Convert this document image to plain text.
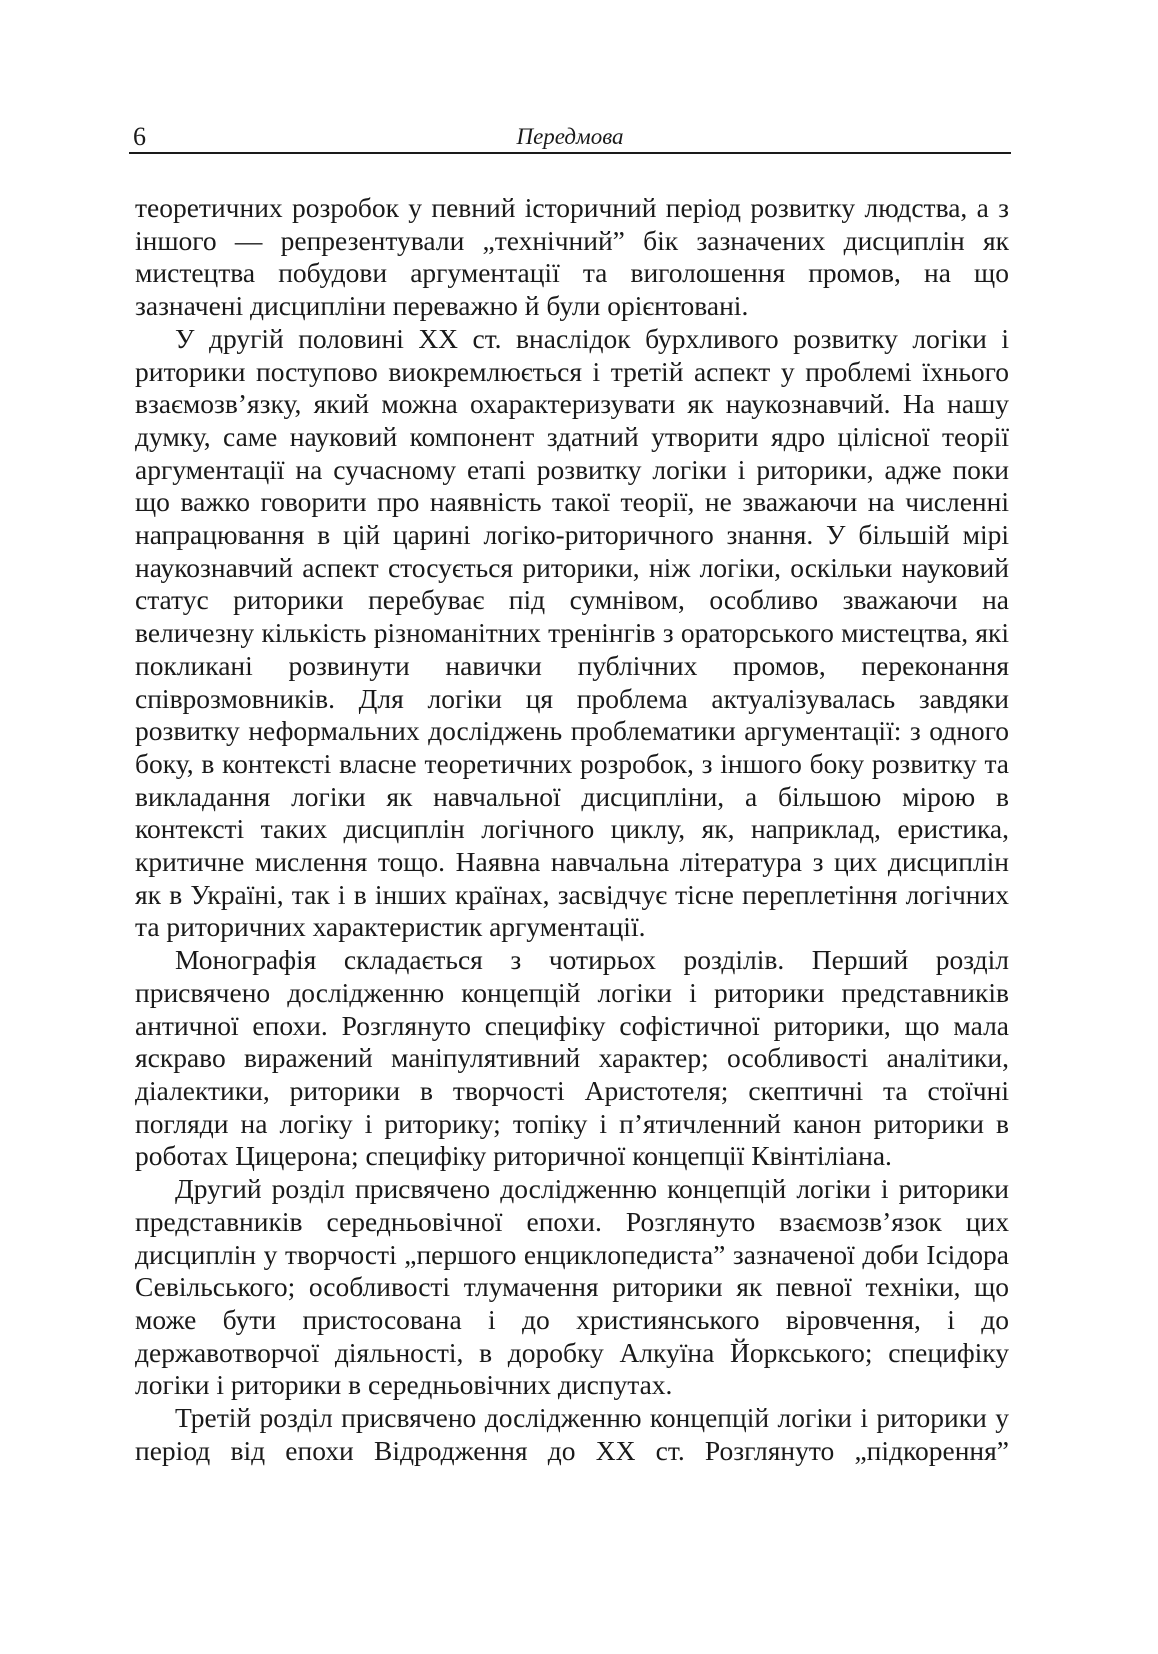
6	Передмова

теоретичних розробок у певний історичний період розвитку людства, а з іншого — репрезентували „технічний” бік зазначених дисциплін як мистецтва побудови аргументації та виголошення промов, на що зазначені дисципліни переважно й були орієнтовані.

У другій половині XX ст. внаслідок бурхливого розвитку логіки і риторики поступово виокремлюється і третій аспект у проблемі їхнього взаємозв’язку, який можна охарактеризувати як наукознавчий. На нашу думку, саме науковий компонент здатний утворити ядро цілісної теорії аргументації на сучасному етапі розвитку логіки і риторики, адже поки що важко говорити про наявність такої теорії, не зважаючи на численні напрацювання в цій царині логіко-риторичного знання. У більшій мірі наукознавчий аспект стосується риторики, ніж логіки, оскільки науковий статус риторики перебуває під сумнівом, особливо зважаючи на величезну кількість різноманітних тренінгів з ораторського мистецтва, які покликані розвинути навички публічних промов, переконання співрозмовників. Для логіки ця проблема актуалізувалась завдяки розвитку неформальних досліджень проблематики аргументації: з одного боку, в контексті власне теоретичних розробок, з іншого боку розвитку та викладання логіки як навчальної дисципліни, а більшою мірою в контексті таких дисциплін логічного циклу, як, наприклад, еристика, критичне мислення тощо. Наявна навчальна література з цих дисциплін як в Україні, так і в інших країнах, засвідчує тісне переплетіння логічних та риторичних характеристик аргументації.

Монографія складається з чотирьох розділів. Перший розділ присвячено дослідженню концепцій логіки і риторики представників античної епохи. Розглянуто специфіку софістичної риторики, що мала яскраво виражений маніпулятивний характер; особливості аналітики, діалектики, риторики в творчості Аристотеля; скептичні та стоїчні погляди на логіку і риторику; топіку і п’ятичленний канон риторики в роботах Цицерона; специфіку риторичної концепції Квінтіліана.

Другий розділ присвячено дослідженню концепцій логіки і риторики представників середньовічної епохи. Розглянуто взаємозв’язок цих дисциплін у творчості „першого енциклопедиста” зазначеної доби Ісідора Севільського; особливості тлумачення риторики як певної техніки, що може бути пристосована і до християнського віровчення, і до державотворчої діяльності, в доробку Алкуїна Йоркського; специфіку логіки і риторики в середньовічних диспутах.

Третій розділ присвячено дослідженню концепцій логіки і риторики у період від епохи Відродження до XX ст. Розглянуто „підкорення”
